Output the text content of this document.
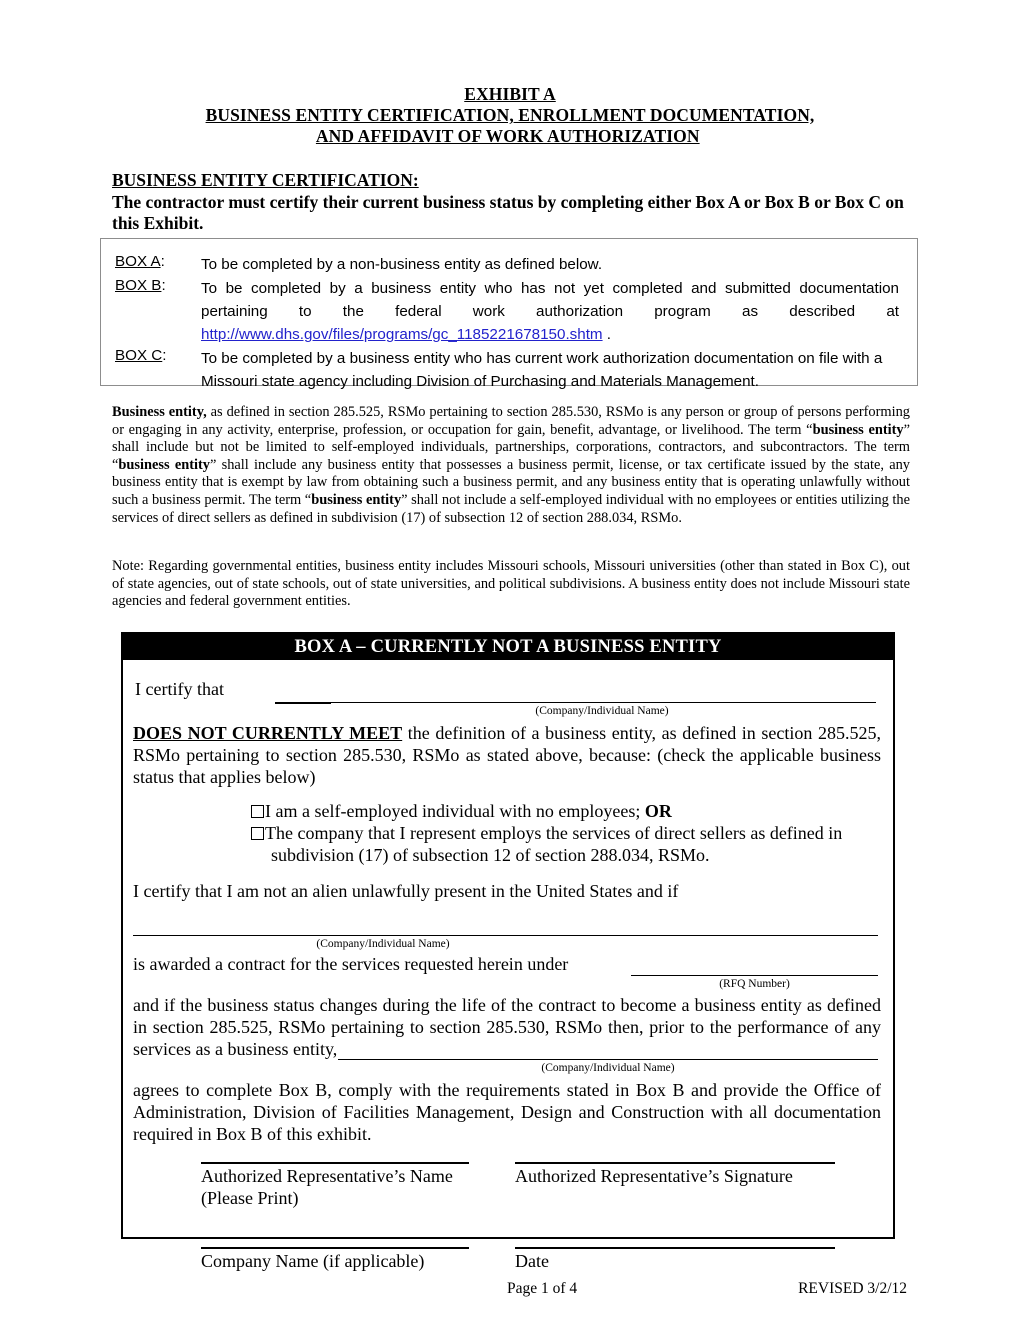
EXHIBIT A
BUSINESS ENTITY CERTIFICATION, ENROLLMENT DOCUMENTATION,
AND AFFIDAVIT OF WORK AUTHORIZATION
BUSINESS ENTITY CERTIFICATION:
The contractor must certify their current business status by completing either Box A or Box B or Box C on this Exhibit.
BOX A:	To be completed by a non-business entity as defined below.
BOX B:	To be completed by a business entity who has not yet completed and submitted documentation pertaining to the federal work authorization program as described at http://www.dhs.gov/files/programs/gc_1185221678150.shtm .
BOX C:	To be completed by a business entity who has current work authorization documentation on file with a Missouri state agency including Division of Purchasing and Materials Management.
Business entity, as defined in section 285.525, RSMo pertaining to section 285.530, RSMo is any person or group of persons performing or engaging in any activity, enterprise, profession, or occupation for gain, benefit, advantage, or livelihood. The term “business entity” shall include but not be limited to self-employed individuals, partnerships, corporations, contractors, and subcontractors. The term “business entity” shall include any business entity that possesses a business permit, license, or tax certificate issued by the state, any business entity that is exempt by law from obtaining such a business permit, and any business entity that is operating unlawfully without such a business permit. The term “business entity” shall not include a self-employed individual with no employees or entities utilizing the services of direct sellers as defined in subdivision (17) of subsection 12 of section 288.034, RSMo.
Note: Regarding governmental entities, business entity includes Missouri schools, Missouri universities (other than stated in Box C), out of state agencies, out of state schools, out of state universities, and political subdivisions. A business entity does not include Missouri state agencies and federal government entities.
BOX A – CURRENTLY NOT A BUSINESS ENTITY
I certify that
(Company/Individual Name)
DOES NOT CURRENTLY MEET the definition of a business entity, as defined in section 285.525, RSMo pertaining to section 285.530, RSMo as stated above, because: (check the applicable business status that applies below)
I am a self-employed individual with no employees; OR
The company that I represent employs the services of direct sellers as defined in
subdivision (17) of subsection 12 of section 288.034, RSMo.
I certify that I am not an alien unlawfully present in the United States and if
(Company/Individual Name)
is awarded a contract for the services requested herein under
(RFQ Number)
and if the business status changes during the life of the contract to become a business entity as defined in section 285.525, RSMo pertaining to section 285.530, RSMo then, prior to the performance of any services as a business entity,
(Company/Individual Name)
agrees to complete Box B, comply with the requirements stated in Box B and provide the Office of Administration, Division of Facilities Management, Design and Construction with all documentation required in Box B of this exhibit.
Authorized Representative’s Name
(Please Print)
Authorized Representative’s Signature
Company Name (if applicable)	Date
Page 1 of 4	REVISED 3/2/12
